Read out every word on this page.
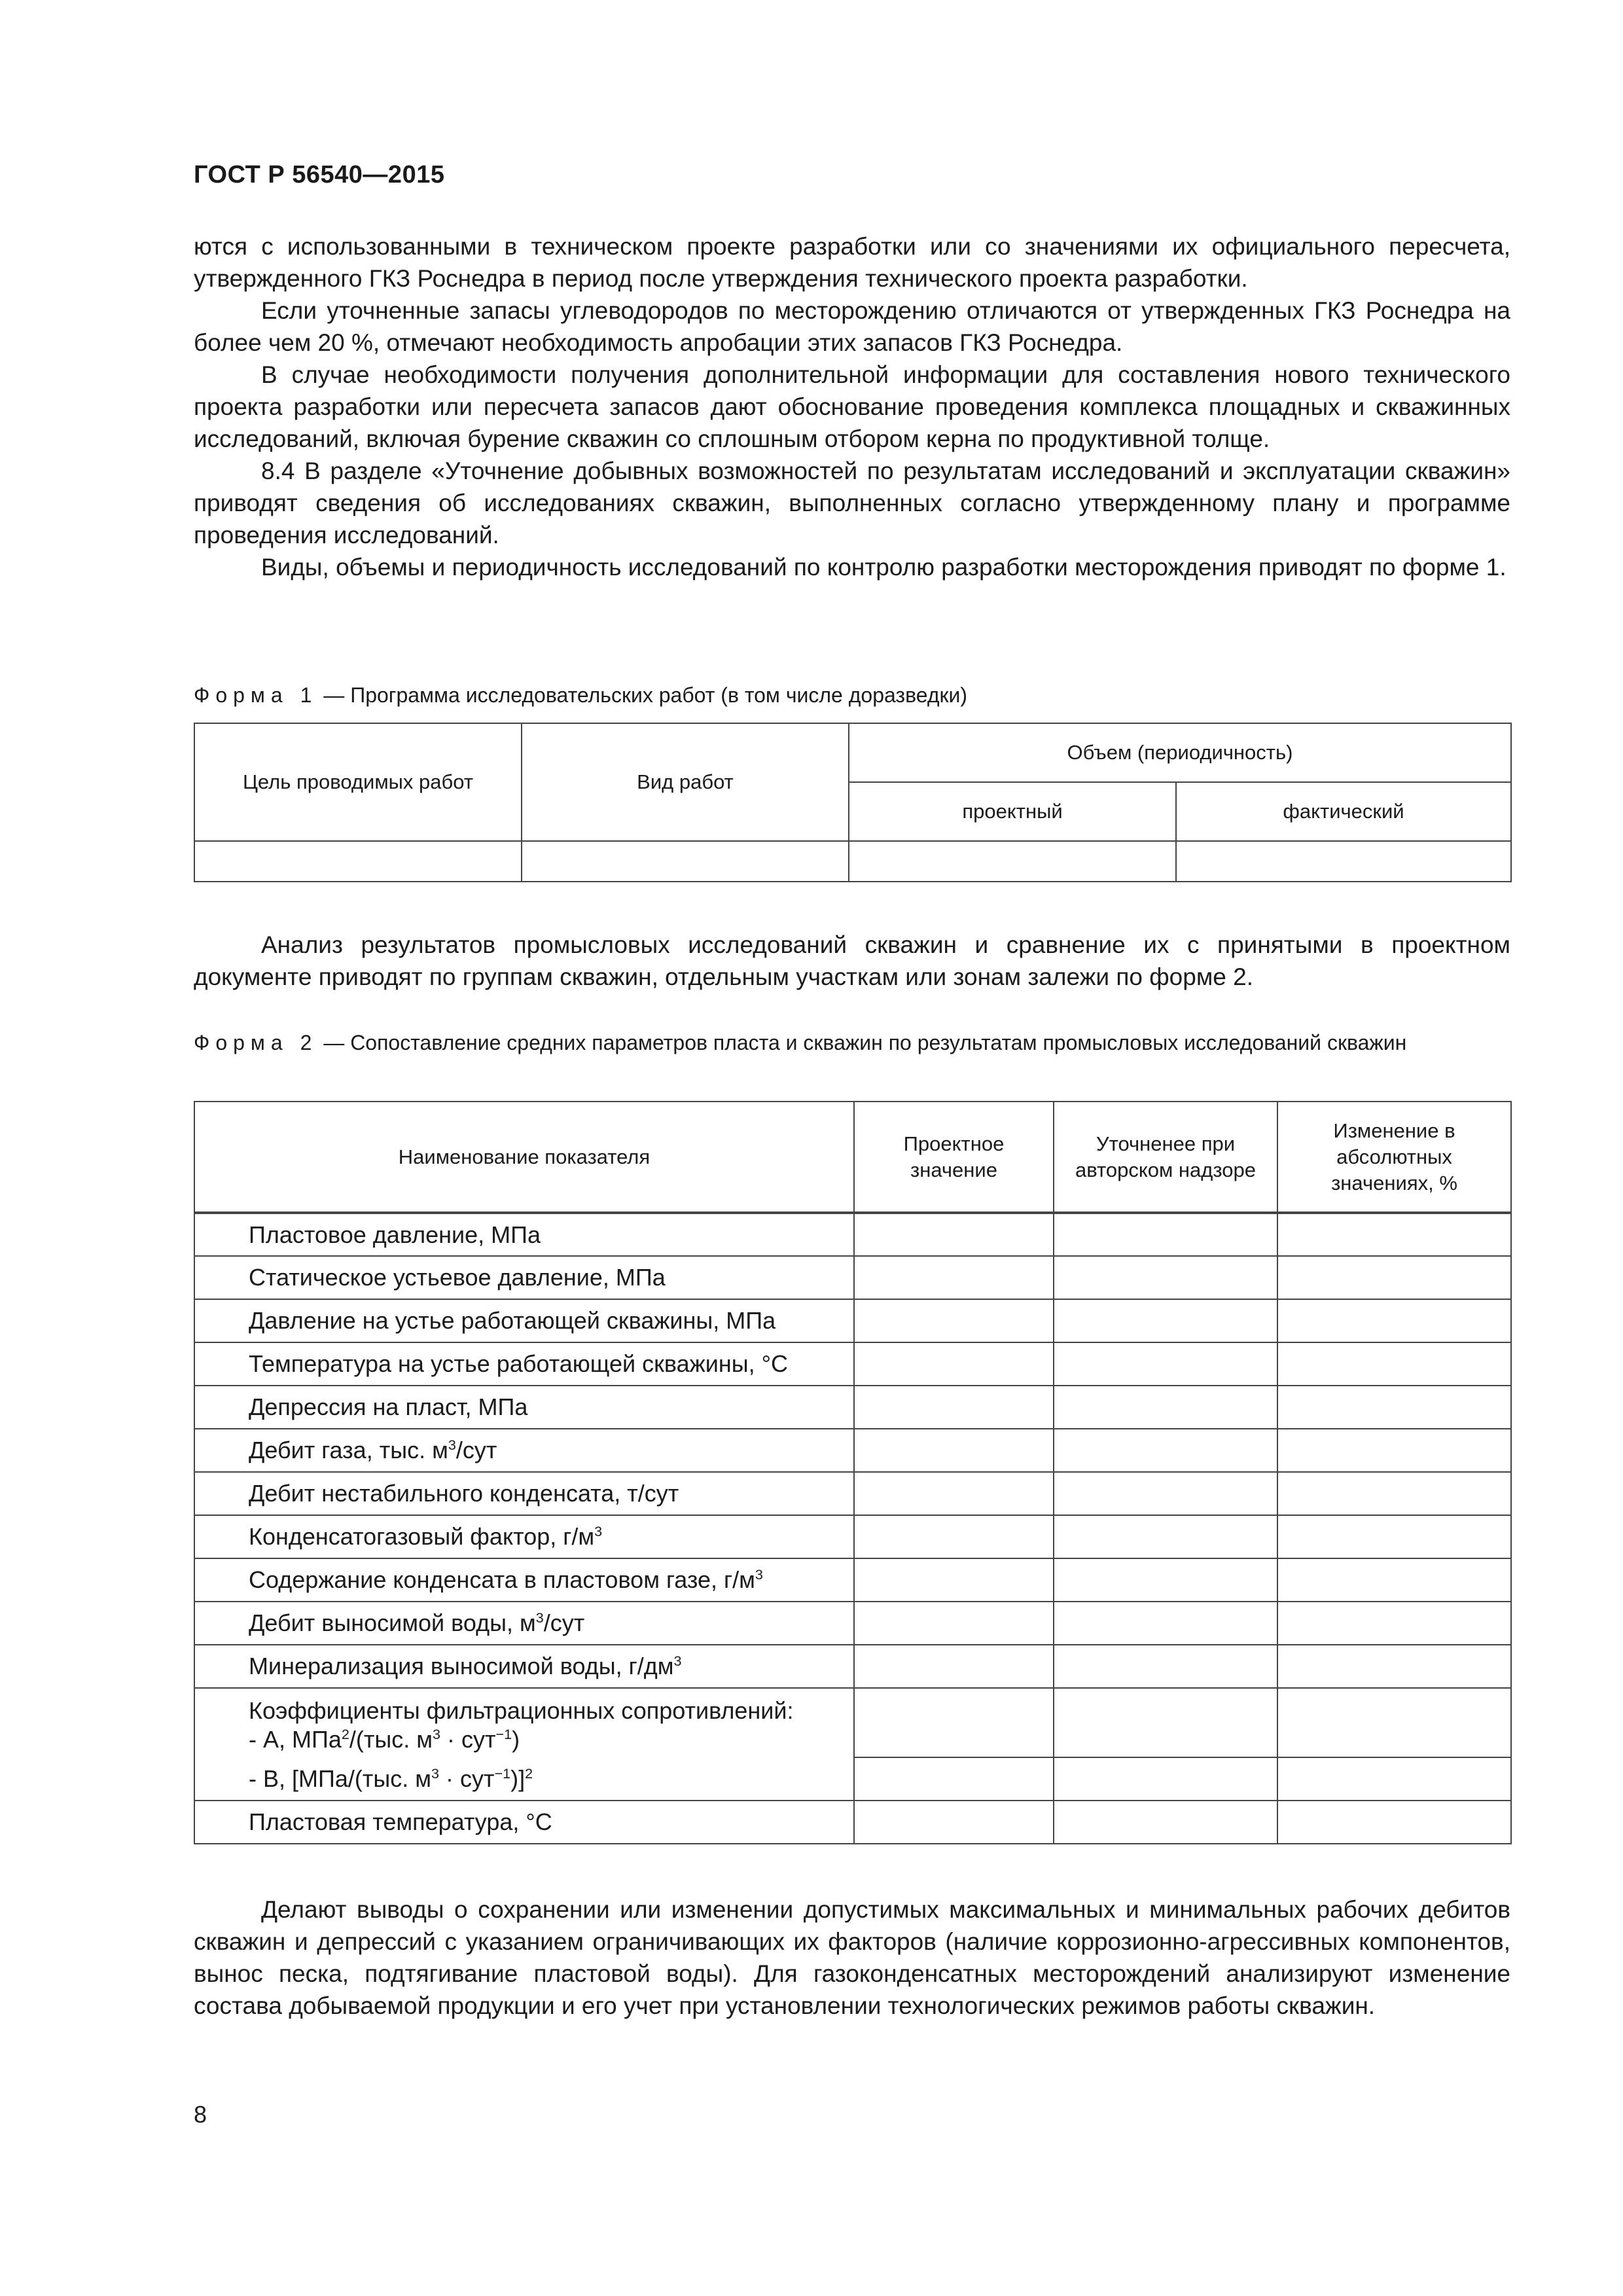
ГОСТ Р 56540—2015

ются с использованными в техническом проекте разработки или со значениями их официального пересчета, утвержденного ГКЗ Роснедра в период после утверждения технического проекта разработки.

Если уточненные запасы углеводородов по месторождению отличаются от утвержденных ГКЗ Роснедра на более чем 20 %, отмечают необходимость апробации этих запасов ГКЗ Роснедра.

В случае необходимости получения дополнительной информации для составления нового технического проекта разработки или пересчета запасов дают обоснование проведения комплекса площадных и скважинных исследований, включая бурение скважин со сплошным отбором керна по продуктивной толще.

8.4 В разделе «Уточнение добывных возможностей по результатам исследований и эксплуатации скважин» приводят сведения об исследованиях скважин, выполненных согласно утвержденному плану и программе проведения исследований.

Виды, объемы и периодичность исследований по контролю разработки месторождения приводят по форме 1.

Форма 1 — Программа исследовательских работ (в том числе доразведки)
Цель проводимых работ	Вид работ	Объем (периодичность)	
		проектный	фактический

Анализ результатов промысловых исследований скважин и сравнение их с принятыми в проектном документе приводят по группам скважин, отдельным участкам или зонам залежи по форме 2.

Форма 2 — Сопоставление средних параметров пласта и скважин по результатам промысловых исследований скважин
Наименование показателя	Проектное значение	Уточненее при авторском надзоре	Изменение в абсолютных значениях, %
Пластовое давление, МПа			
Статическое устьевое давление, МПа			
Давление на устье работающей скважины, МПа			
Температура на устье работающей скважины, °С			
Депрессия на пласт, МПа			
Дебит газа, тыс. $м^3$/сут			
Дебит нестабильного конденсата, т/сут			
Конденсатогазовый фактор, $г/м^3$			
Содержание конденсата в пластовом газе, $г/м^3$			
Дебит выносимой воды, $м^3$/сут			
Минерализация выносимой воды, $г/дм^3$			

Коэффициенты фильтрационных сопротивлений:
- А, МПа$^2$/(тыс. $м^3 \cdot сут^{-1}$)			

- В, [МПа/(тыс. $м^3 \cdot сут^{-1})]^2$			
Пластовая температура, °С			

Делают выводы о сохранении или изменении допустимых максимальных и минимальных рабочих дебитов скважин и депрессий с указанием ограничивающих их факторов (наличие коррозионно-агрессивных компонентов, вынос песка, подтягивание пластовой воды). Для газоконденсатных месторождений анализируют изменение состава добываемой продукции и его учет при установлении технологических режимов работы скважин.

8
